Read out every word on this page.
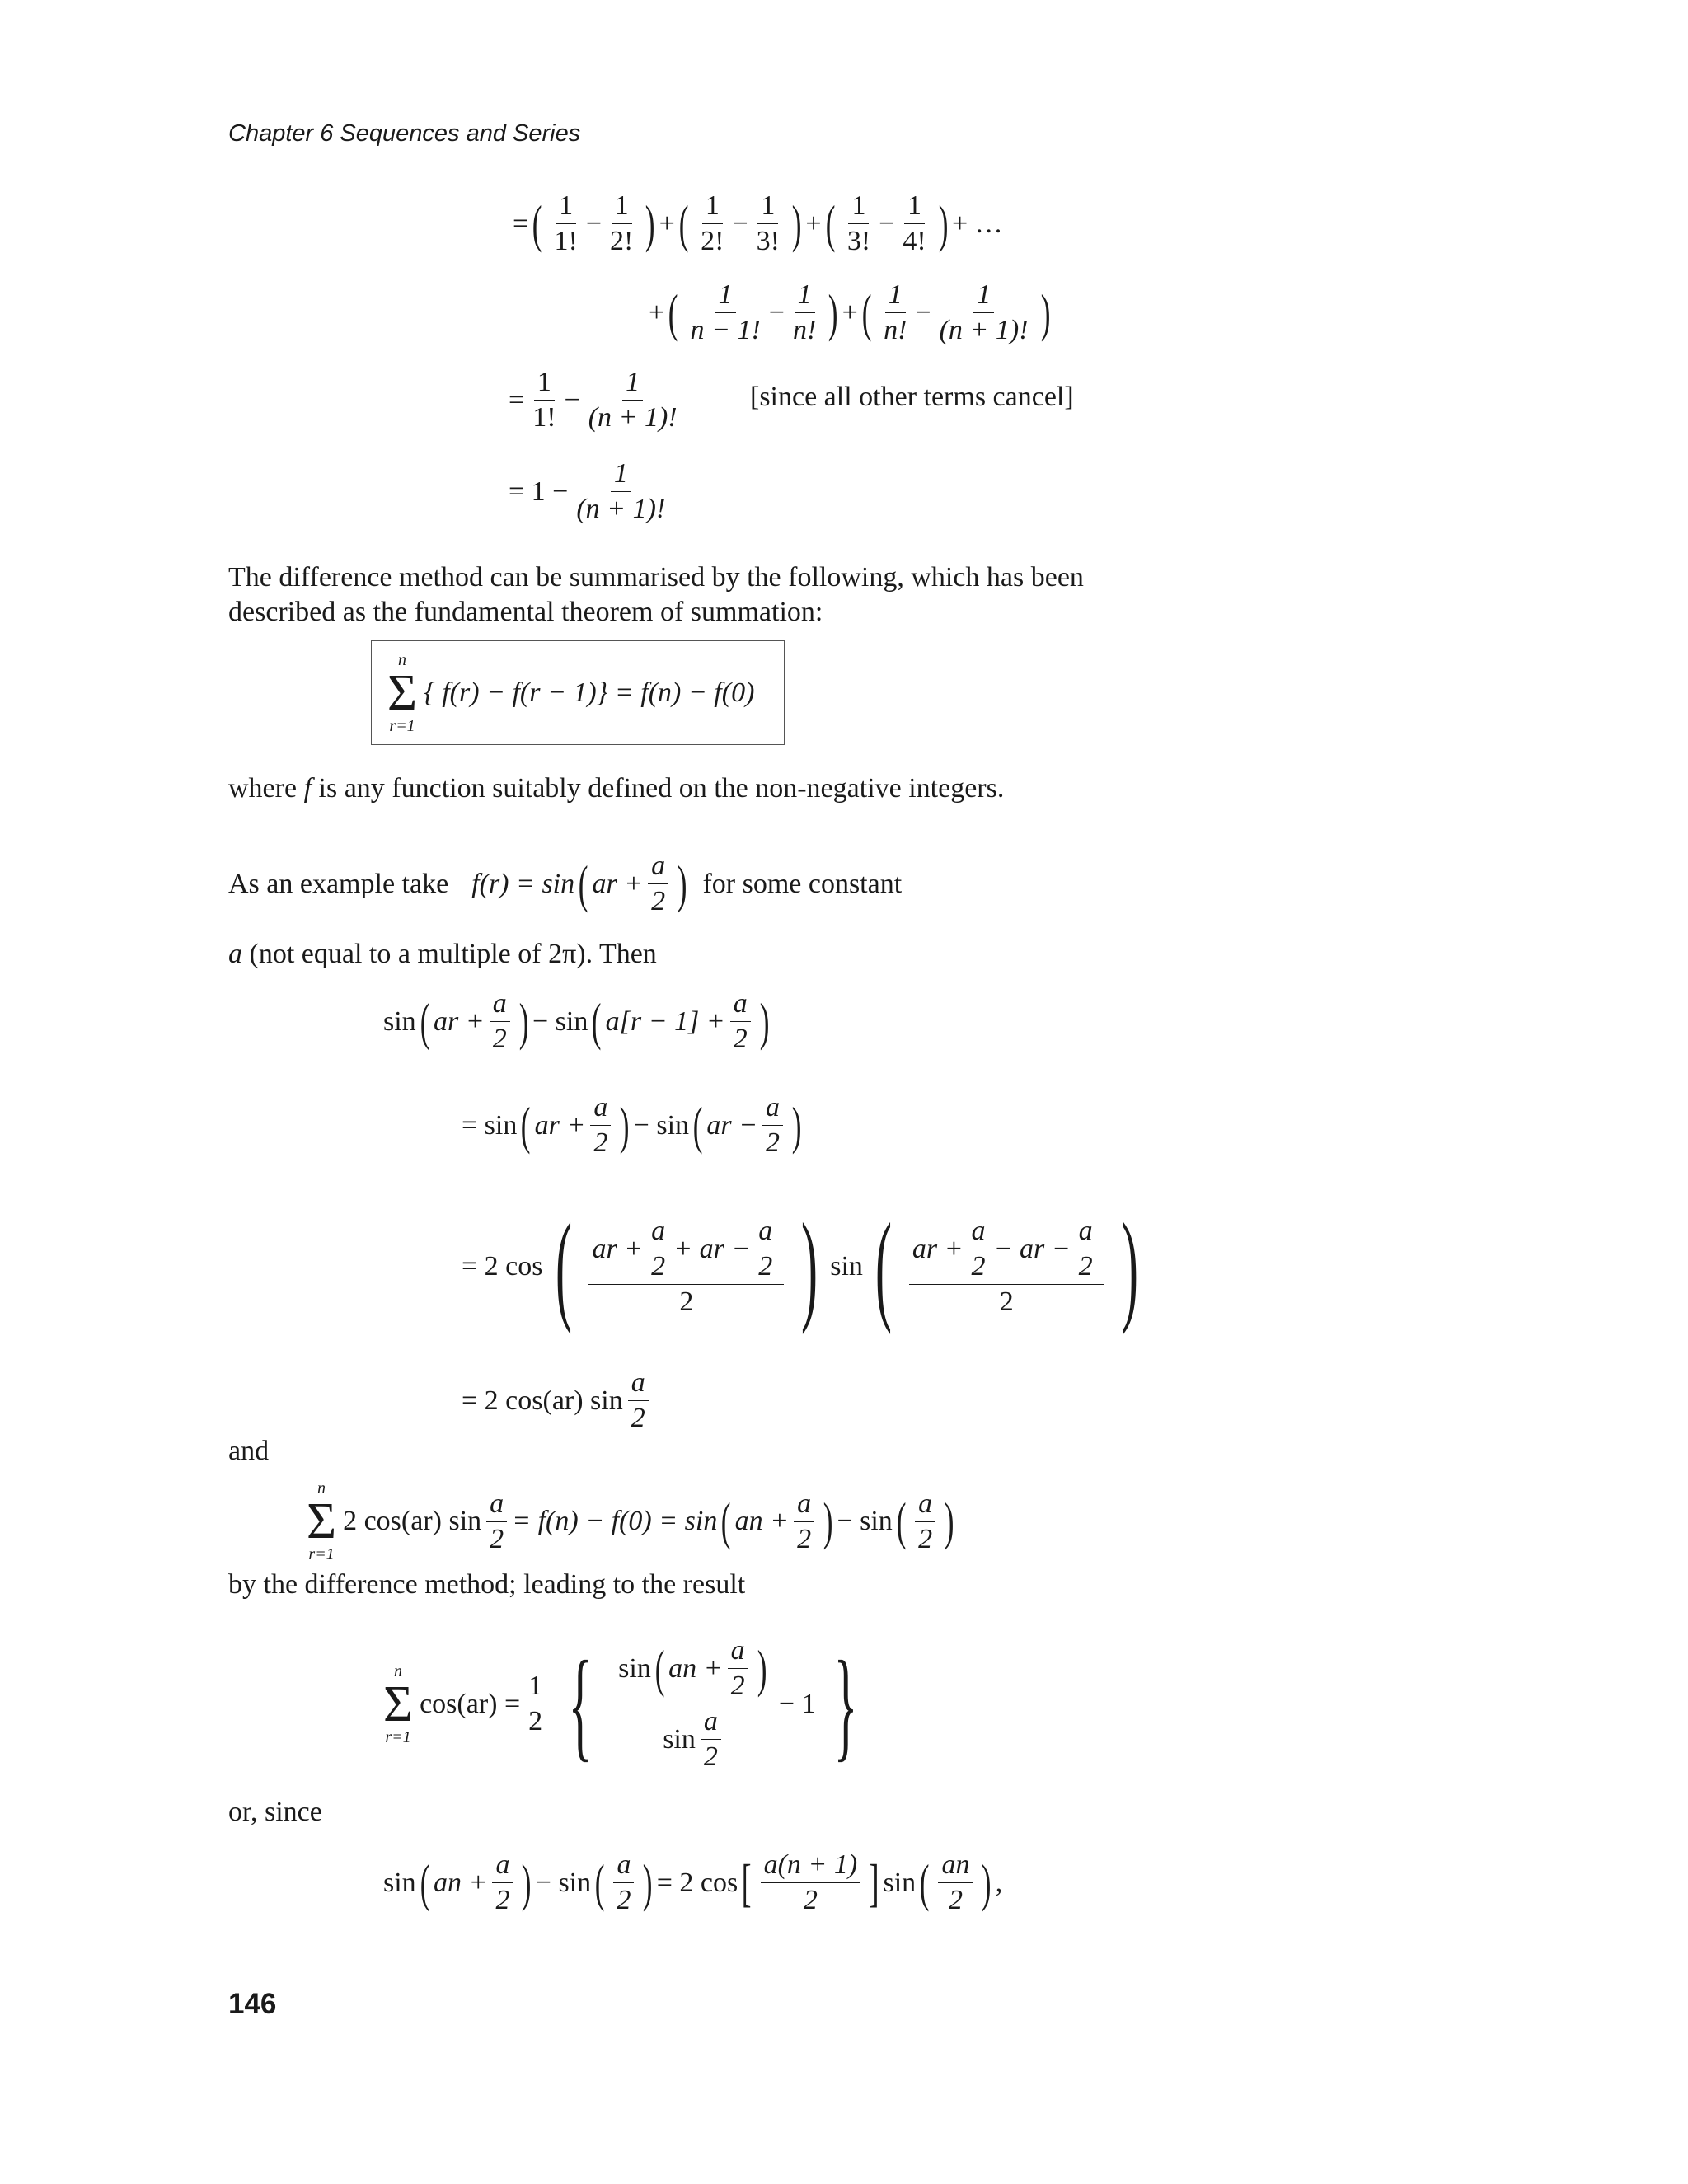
Chapter 6 Sequences and Series
= ( 1
1!
− $\frac{1}{2!}$ ) + ( 1
2!
− $\frac{1}{3!}$ ) + ( 1
3!
− $\frac{1}{4!}$ ) + …
+ ( 1
n − 1!
− $\frac{1}{n!}$ ) + ( 1
n!
− $\frac{1}{(n + 1)!}$ )
= $\frac{1}{1!} - \frac{1}{(n + 1)!}$ [since all other terms cancel]
= $1 - \frac{1}{(n + 1)!}$

The difference method can be summarised by the following, which has been described as the fundamental theorem of summation:

n
Σ
r=1
{ f(r) − f(r − 1)} = f(n) − f(0)

where f is any function suitably defined on the non-negative integers.

As an example take f(r) = sin ( ar + $\frac{a}{2}$ ) for some constant
a (not equal to a multiple of 2π). Then
sin ( ar + $\frac{a}{2}$ ) − sin ( $a[r - 1] + \frac{a}{2}$ )
= sin ( ar + $\frac{a}{2}$ ) − sin ( ar − $\frac{a}{2}$ )
= 2 cos ( ar + $\frac{a}{2}$ + ar − $\frac{a}{2}$
2 ) sin ( ar + $\frac{a}{2}$ − ar − $\frac{a}{2}$
2 )
= 2 cos(ar) sin
a
2
and
n
Σ
r=1
2 cos(ar) $\sin \frac{a}{2} = f(n) - f(0) = \sin$ ( an + $\frac{a}{2}$ ) − sin ( a
2 )
by the difference method; leading to the result
n
Σ
r=1
$\cos(ar) = \frac{1}{2}$ { sin ( an + $\frac{a}{2}$ )
sin
a
2
− 1 }
or, since
sin ( an + $\frac{a}{2}$ ) − sin ( a
2 ) = 2 cos [ a(n + 1)
2 ] sin ( an
2 ) ,
146
